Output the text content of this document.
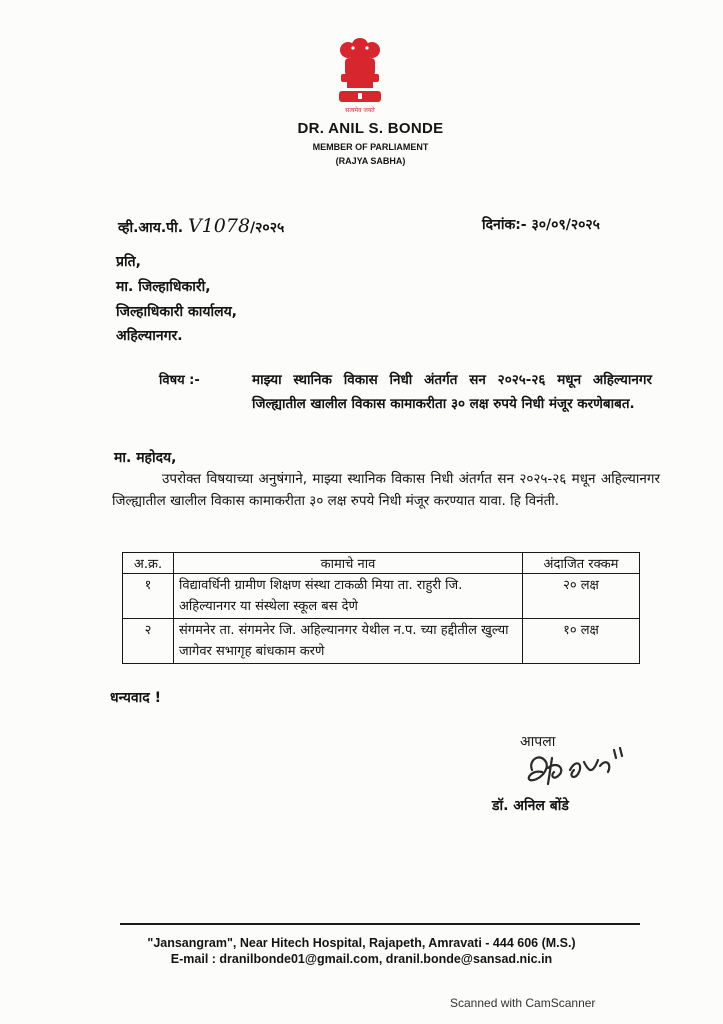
सत्यमेव जयते
DR. ANIL S. BONDE
MEMBER OF PARLIAMENT
(RAJYA SABHA)
व्ही.आय.पी. V1078/२०२५	दिनांक:- ३०/०९/२०२५
प्रति,
मा. जिल्हाधिकारी,
जिल्हाधिकारी कार्यालय,
अहिल्यानगर.
विषय :-	माझ्या स्थानिक विकास निधी अंतर्गत सन २०२५-२६ मधून अहिल्यानगर जिल्ह्यातील खालील विकास कामाकरीता ३० लक्ष रुपये निधी मंजूर करणेबाबत.
मा. महोदय,
उपरोक्त विषयाच्या अनुषंगाने, माझ्या स्थानिक विकास निधी अंतर्गत सन २०२५-२६ मधून अहिल्यानगर जिल्ह्यातील खालील विकास कामाकरीता ३० लक्ष रुपये निधी मंजूर करण्यात यावा. हि विनंती.
अ.क्र.	कामाचे नाव	अंदाजित रक्कम
१	विद्यावर्धिनी ग्रामीण शिक्षण संस्था टाकळी मिया ता. राहुरी जि. अहिल्यानगर या संस्थेला स्कूल बस देणे	२० लक्ष
२	संगमनेर ता. संगमनेर जि. अहिल्यानगर येथील न.प. च्या हद्दीतील खुल्या जागेवर सभागृह बांधकाम करणे	१० लक्ष
धन्यवाद !
आपला
डॉ. अनिल बोंडे
"Jansangram", Near Hitech Hospital, Rajapeth, Amravati - 444 606 (M.S.)
E-mail : dranilbonde01@gmail.com, dranil.bonde@sansad.nic.in
Scanned with CamScanner
